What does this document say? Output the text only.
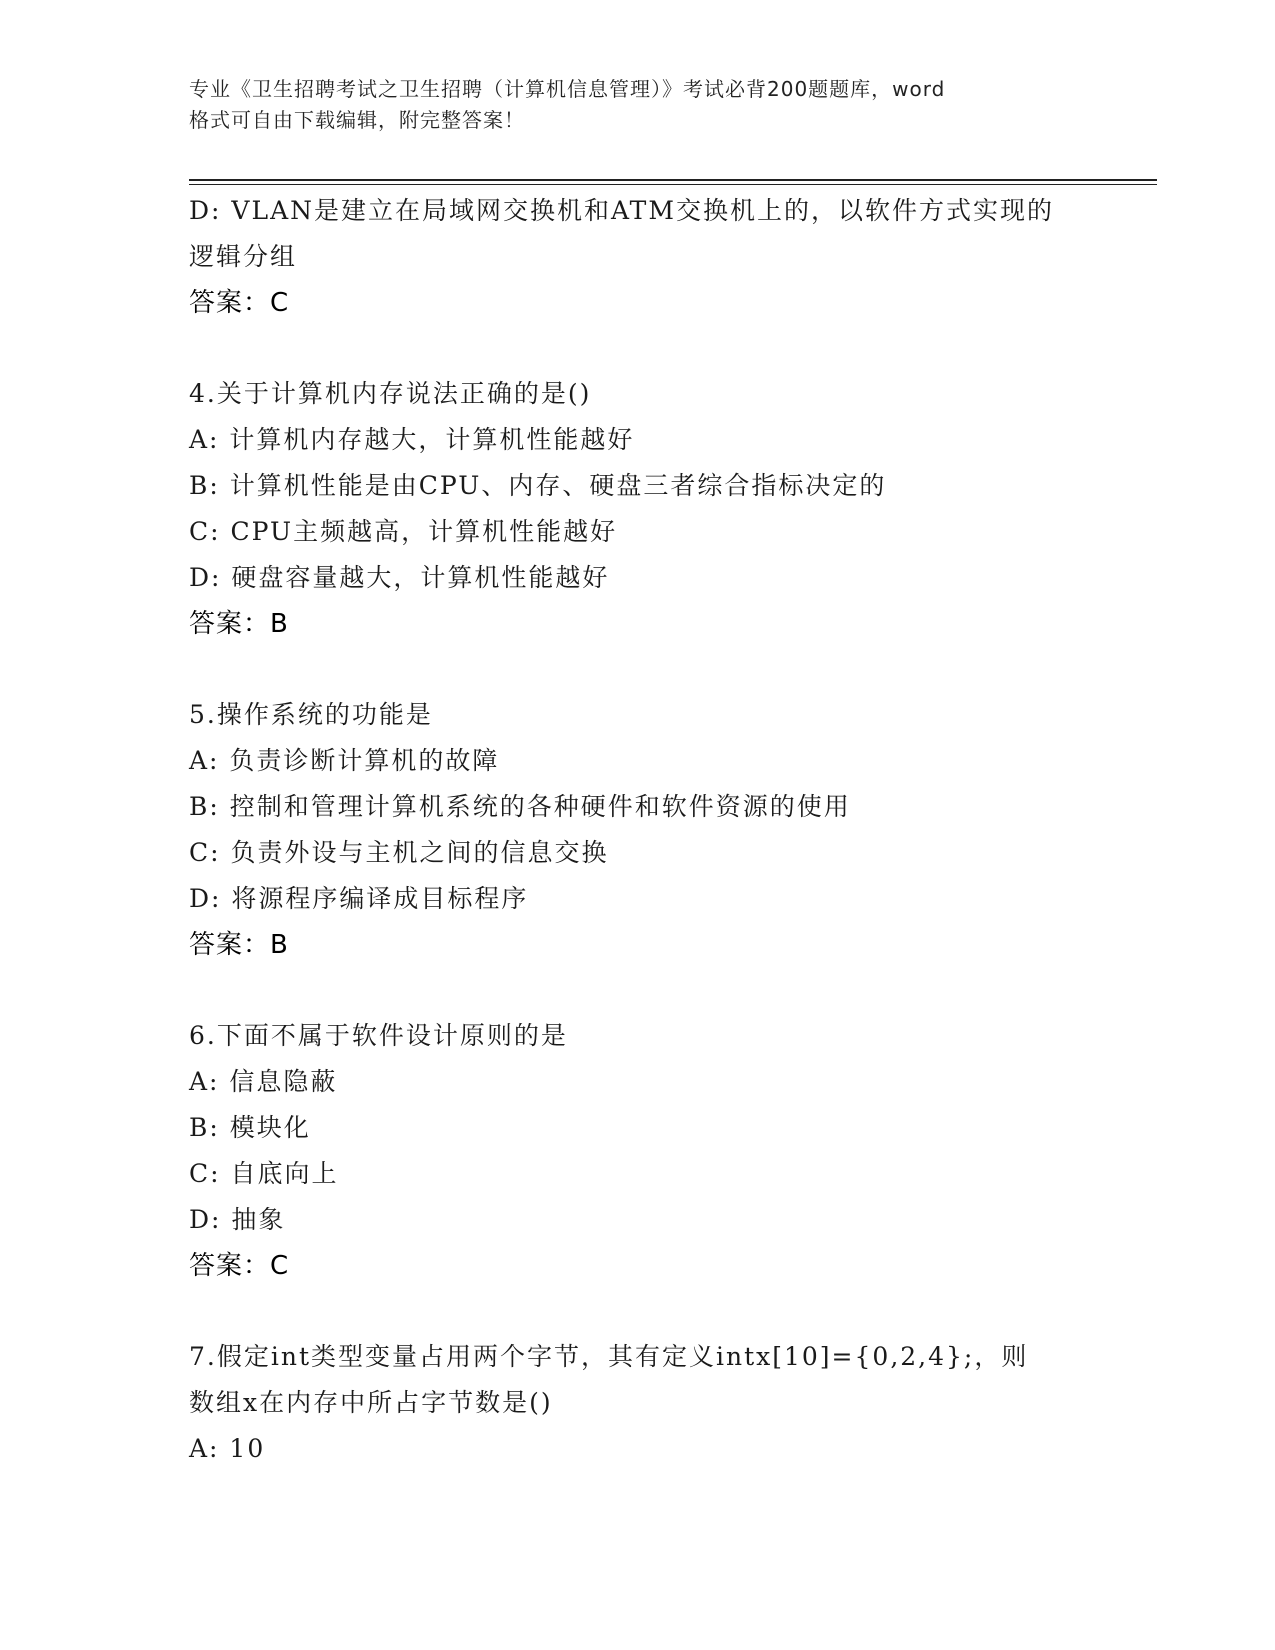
专业《卫生招聘考试之卫生招聘（计算机信息管理）》考试必背200题题库，word
格式可自由下载编辑，附完整答案！
D: VLAN是建立在局域网交换机和ATM交换机上的，以软件方式实现的
逻辑分组
答案：C
4.关于计算机内存说法正确的是()
A: 计算机内存越大，计算机性能越好
B: 计算机性能是由CPU、内存、硬盘三者综合指标决定的
C: CPU主频越高，计算机性能越好
D: 硬盘容量越大，计算机性能越好
答案：B
5.操作系统的功能是
A: 负责诊断计算机的故障
B: 控制和管理计算机系统的各种硬件和软件资源的使用
C: 负责外设与主机之间的信息交换
D: 将源程序编译成目标程序
答案：B
6.下面不属于软件设计原则的是
A: 信息隐蔽
B: 模块化
C: 自底向上
D: 抽象
答案：C
7.假定int类型变量占用两个字节，其有定义intx[10]={0,2,4};，则
数组x在内存中所占字节数是()
A: 10
